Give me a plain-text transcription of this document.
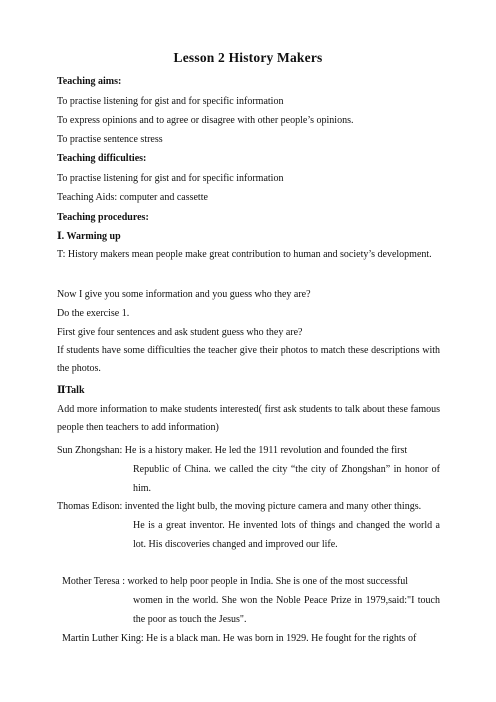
Lesson 2 History Makers
Teaching aims:
To practise listening for gist and for specific information
To express opinions and to agree or disagree with other people’s opinions.
To practise sentence stress
Teaching difficulties:
To practise listening for gist and for specific information
Teaching Aids: computer and cassette
Teaching procedures:
Ⅰ. Warming up
T: History makers mean people make great contribution to human and society’s development.
Now I give you some information and you guess who they are?
Do the exercise 1.
First give four sentences and ask student guess who they are?
If students have some difficulties the teacher give their photos to match these descriptions with the photos.
ⅡTalk
Add more information to make students interested( first ask students to talk about these famous people then teachers to add information)
Sun Zhongshan: He is a history maker. He led the 1911 revolution and founded the first
Republic of China. we called the city “the city of Zhongshan” in honor of him.
Thomas Edison: invented the light bulb, the moving picture camera and many other things.
He is a great inventor. He invented lots of things and changed the world a lot. His discoveries changed and improved our life.
Mother Teresa : worked to help poor people in India. She is one of the most successful
women in the world. She won the Noble Peace Prize in 1979,said:"I touch the poor as touch the Jesus".
Martin Luther King: He is a black man. He was born in 1929. He fought for the rights of
